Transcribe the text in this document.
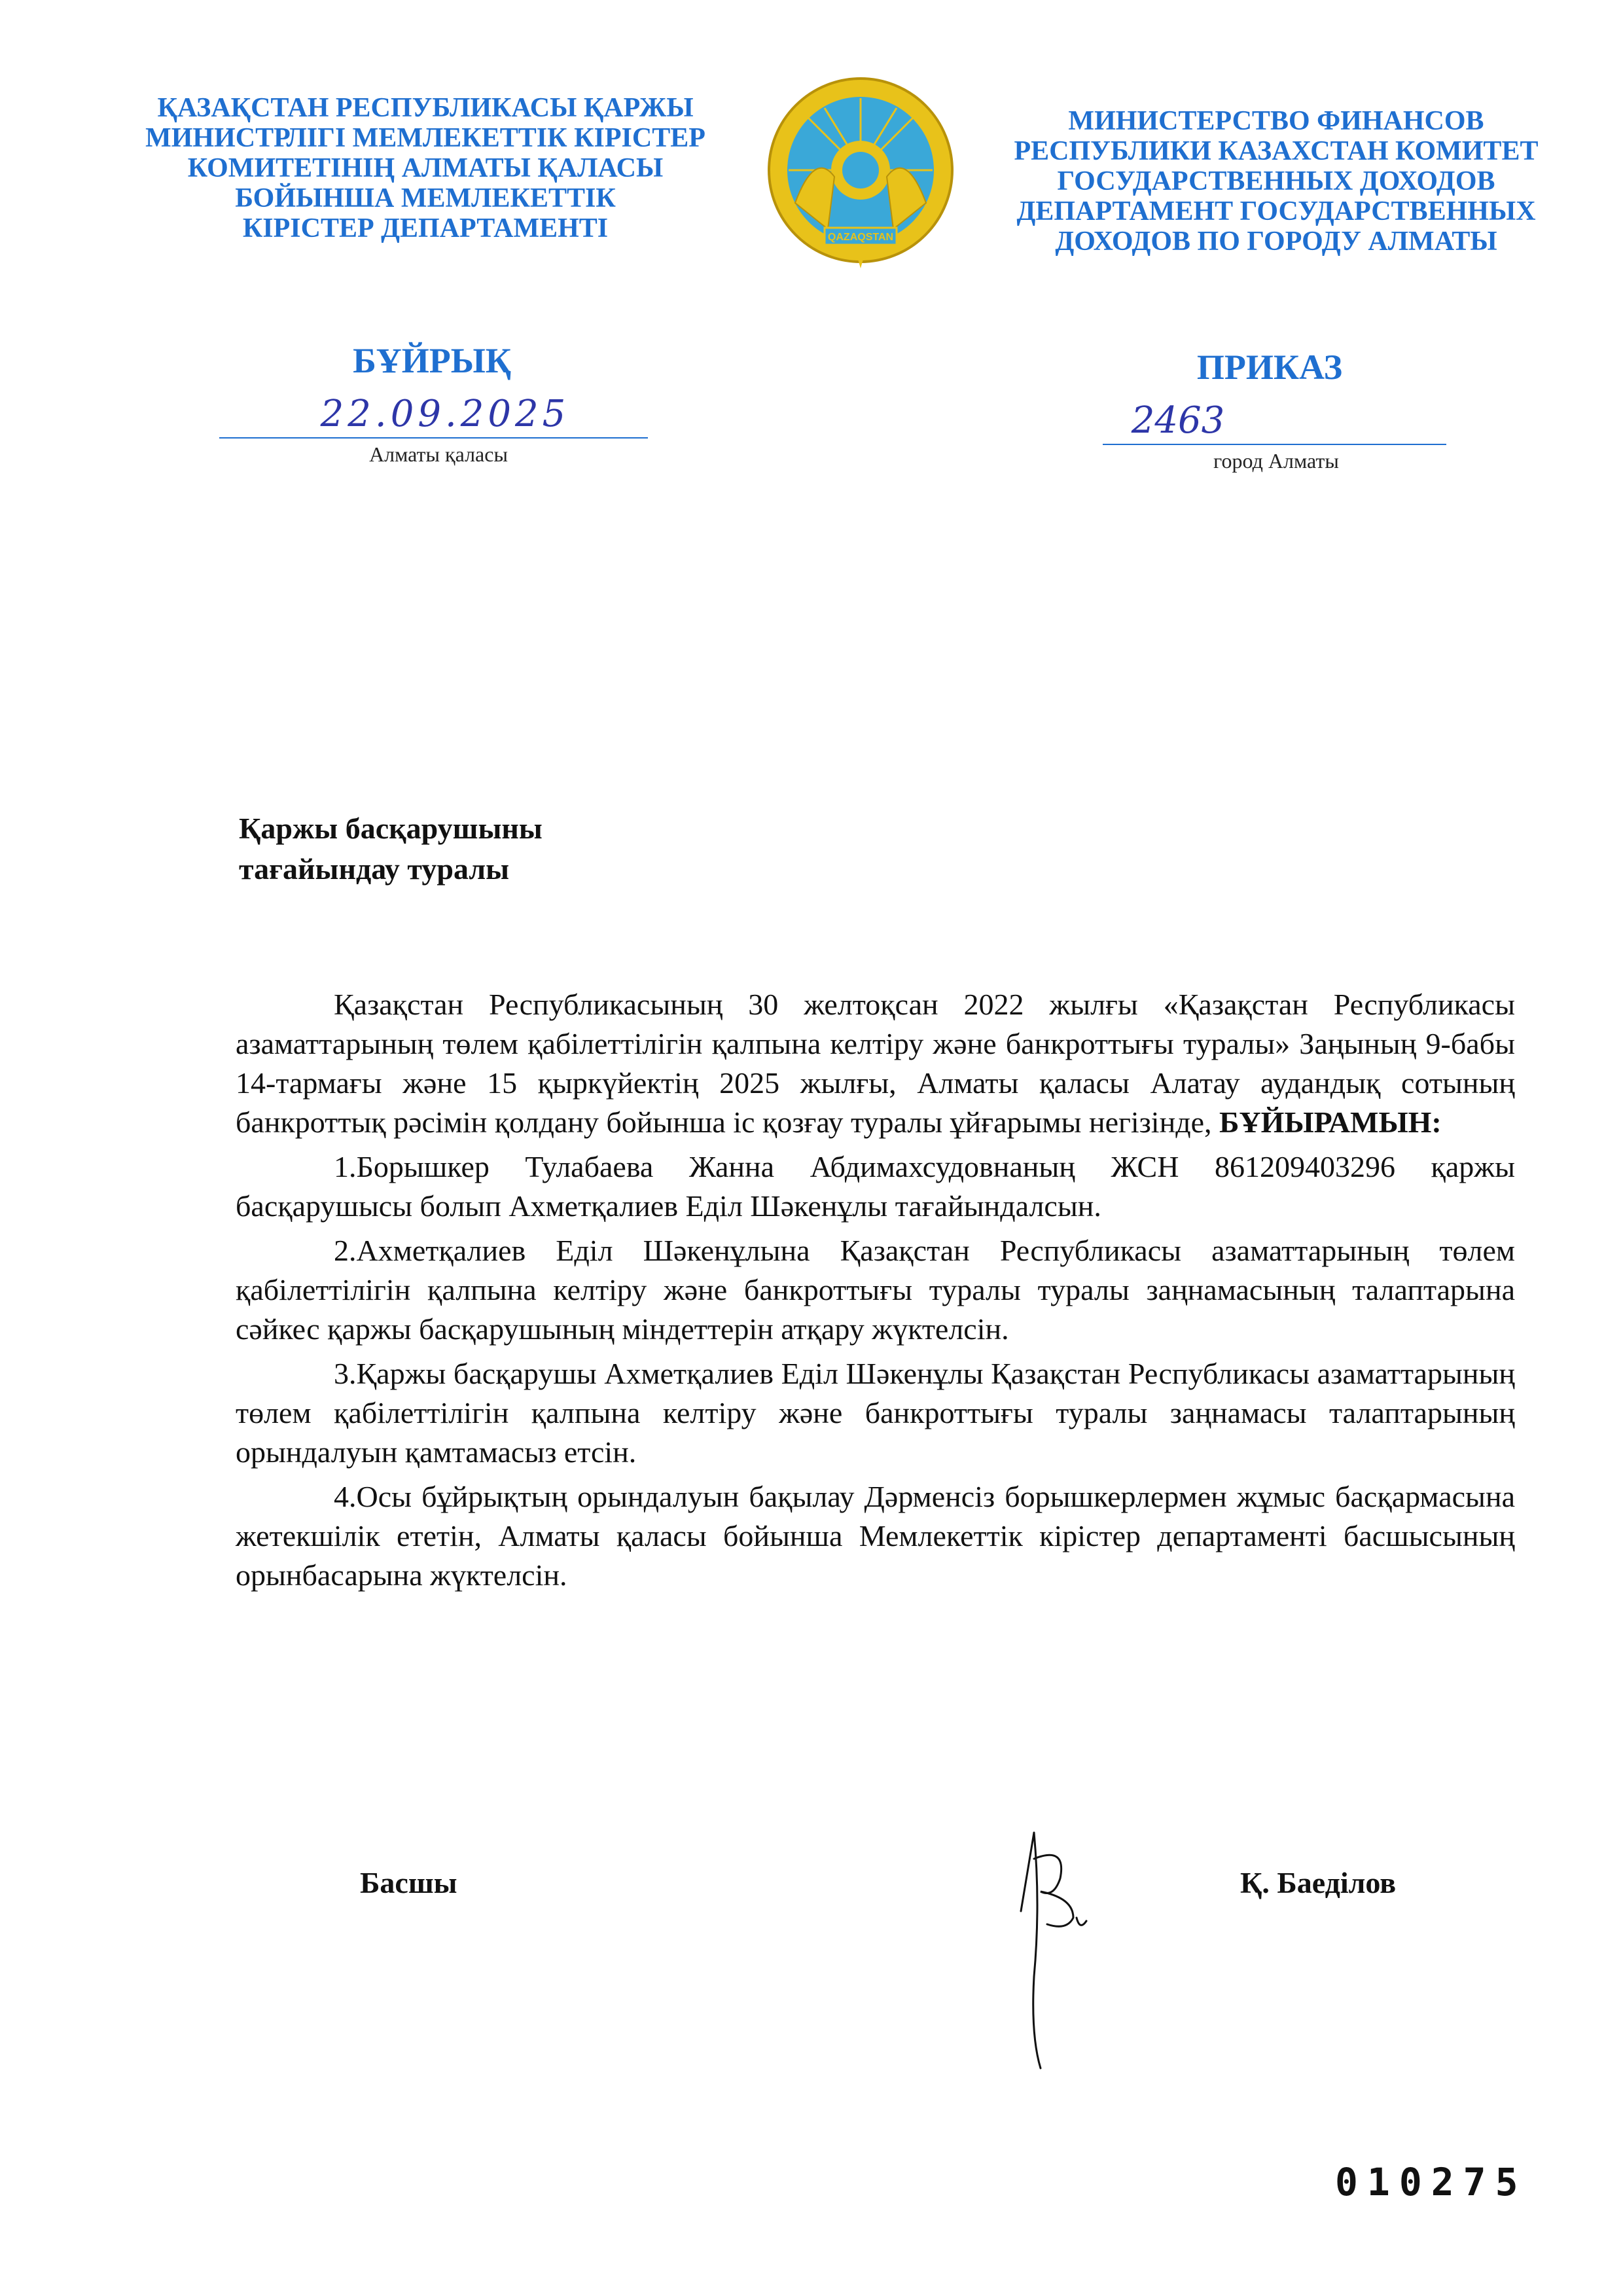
ҚАЗАҚСТАН РЕСПУБЛИКАСЫ ҚАРЖЫ
МИНИСТРЛІГІ МЕМЛЕКЕТТІК КІРІСТЕР
КОМИТЕТІНІҢ АЛМАТЫ ҚАЛАСЫ
БОЙЫНША МЕМЛЕКЕТТІК
КІРІСТЕР ДЕПАРТАМЕНТІ	QAZAQSTAN
МИНИСТЕРСТВО ФИНАНСОВ
РЕСПУБЛИКИ КАЗАХСТАН КОМИТЕТ
ГОСУДАРСТВЕННЫХ ДОХОДОВ
ДЕПАРТАМЕНТ ГОСУДАРСТВЕННЫХ
ДОХОДОВ ПО ГОРОДУ АЛМАТЫ
БҰЙРЫҚ	ПРИКАЗ
22.09.2025	2463
Алматы қаласы	город Алматы
Қаржы басқарушыны
тағайындау туралы

Қазақстан Республикасының 30 желтоқсан 2022 жылғы «Қазақстан Республикасы азаматтарының төлем қабілеттілігін қалпына келтіру және банкроттығы туралы» Заңының 9-бабы 14-тармағы және 15 қыркүйектің 2025 жылғы, Алматы қаласы Алатау аудандық сотының банкроттық рәсімін қолдану бойынша іс қозғау туралы ұйғарымы негізінде, БҰЙЫРАМЫН:

1.Борышкер Тулабаева Жанна Абдимахсудовнаның ЖСН 861209403296 қаржы басқарушысы болып Ахметқалиев Еділ Шәкенұлы тағайындалсын.

2.Ахметқалиев Еділ Шәкенұлына Қазақстан Республикасы азаматтарының төлем қабілеттілігін қалпына келтіру және банкроттығы туралы туралы заңнамасының талаптарына сәйкес қаржы басқарушының міндеттерін атқару жүктелсін.

3.Қаржы басқарушы Ахметқалиев Еділ Шәкенұлы Қазақстан Республикасы азаматтарының төлем қабілеттілігін қалпына келтіру және банкроттығы туралы заңнамасы талаптарының орындалуын қамтамасыз етсін.

4.Осы бұйрықтың орындалуын бақылау Дәрменсіз борышкерлермен жұмыс басқармасына жетекшілік ететін, Алматы қаласы бойынша Мемлекеттік кірістер департаменті басшысының орынбасарына жүктелсін.

Басшы	Қ. Баеділов
010275
